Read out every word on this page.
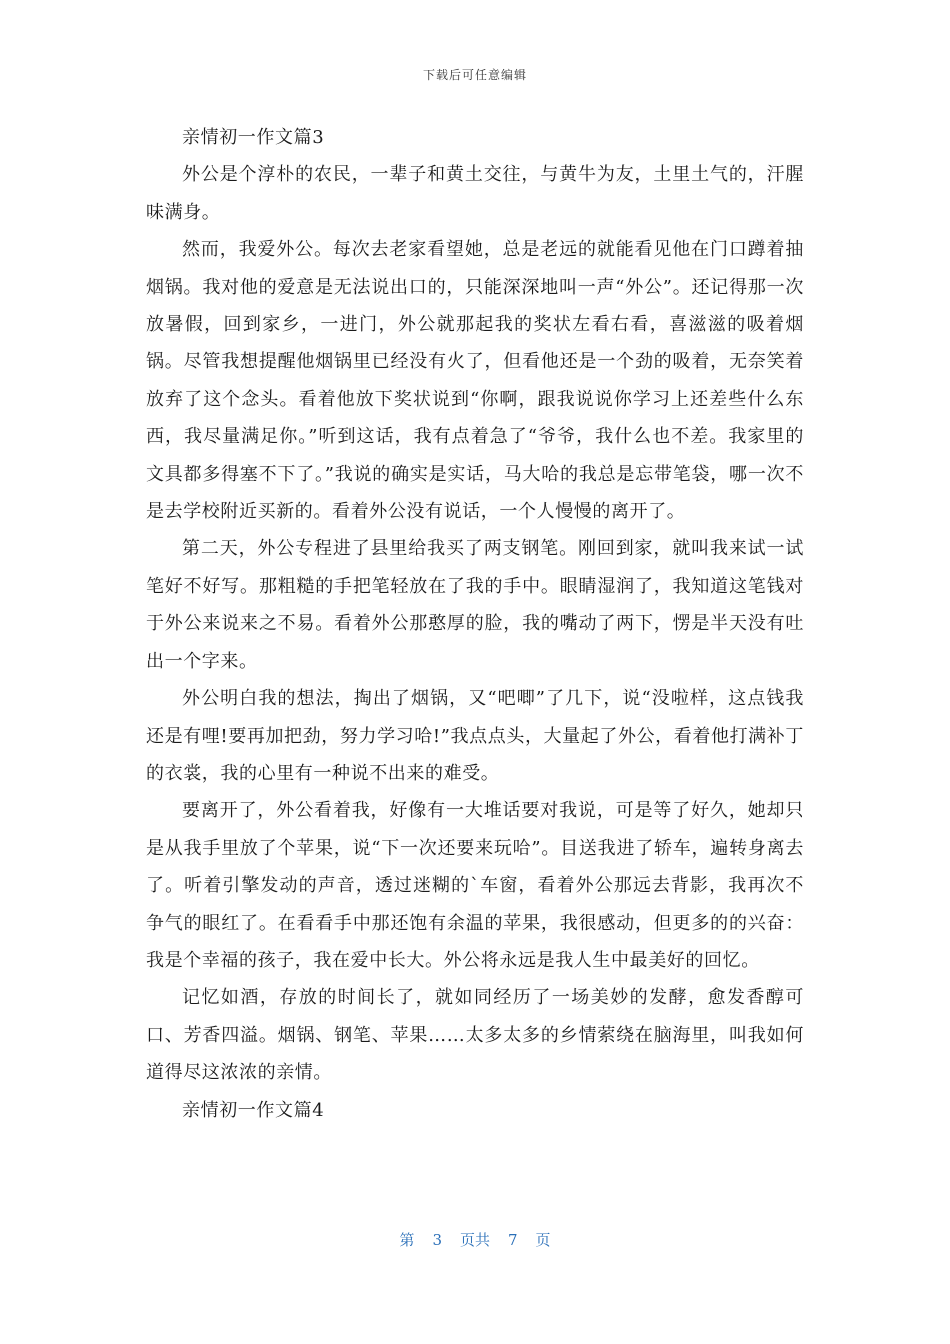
下载后可任意编辑

亲情初一作文篇3

外公是个淳朴的农民，一辈子和黄土交往，与黄牛为友，土里土气的，汗腥味满身。

然而，我爱外公。每次去老家看望她，总是老远的就能看见他在门口蹲着抽烟锅。我对他的爱意是无法说出口的，只能深深地叫一声“外公”。还记得那一次放暑假，回到家乡，一进门，外公就那起我的奖状左看右看，喜滋滋的吸着烟锅。尽管我想提醒他烟锅里已经没有火了，但看他还是一个劲的吸着，无奈笑着放弃了这个念头。看着他放下奖状说到“你啊，跟我说说你学习上还差些什么东西，我尽量满足你。”听到这话，我有点着急了“爷爷，我什么也不差。我家里的文具都多得塞不下了。”我说的确实是实话，马大哈的我总是忘带笔袋，哪一次不是去学校附近买新的。看着外公没有说话，一个人慢慢的离开了。

第二天，外公专程进了县里给我买了两支钢笔。刚回到家，就叫我来试一试笔好不好写。那粗糙的手把笔轻放在了我的手中。眼睛湿润了，我知道这笔钱对于外公来说来之不易。看着外公那憨厚的脸，我的嘴动了两下，愣是半天没有吐出一个字来。

外公明白我的想法，掏出了烟锅，又“吧唧”了几下，说“没啦样，这点钱我还是有哩!要再加把劲，努力学习哈!”我点点头，大量起了外公，看着他打满补丁的衣裳，我的心里有一种说不出来的难受。

要离开了，外公看着我，好像有一大堆话要对我说，可是等了好久，她却只是从我手里放了个苹果，说“下一次还要来玩哈”。目送我进了轿车，遍转身离去了。听着引擎发动的声音，透过迷糊的`车窗，看着外公那远去背影，我再次不争气的眼红了。在看看手中那还饱有余温的苹果，我很感动，但更多的的兴奋：我是个幸福的孩子，我在爱中长大。外公将永远是我人生中最美好的回忆。

记忆如酒，存放的时间长了，就如同经历了一场美妙的发酵，愈发香醇可口、芳香四溢。烟锅、钢笔、苹果……太多太多的乡情萦绕在脑海里，叫我如何道得尽这浓浓的亲情。

亲情初一作文篇4

第 3 页共 7 页
